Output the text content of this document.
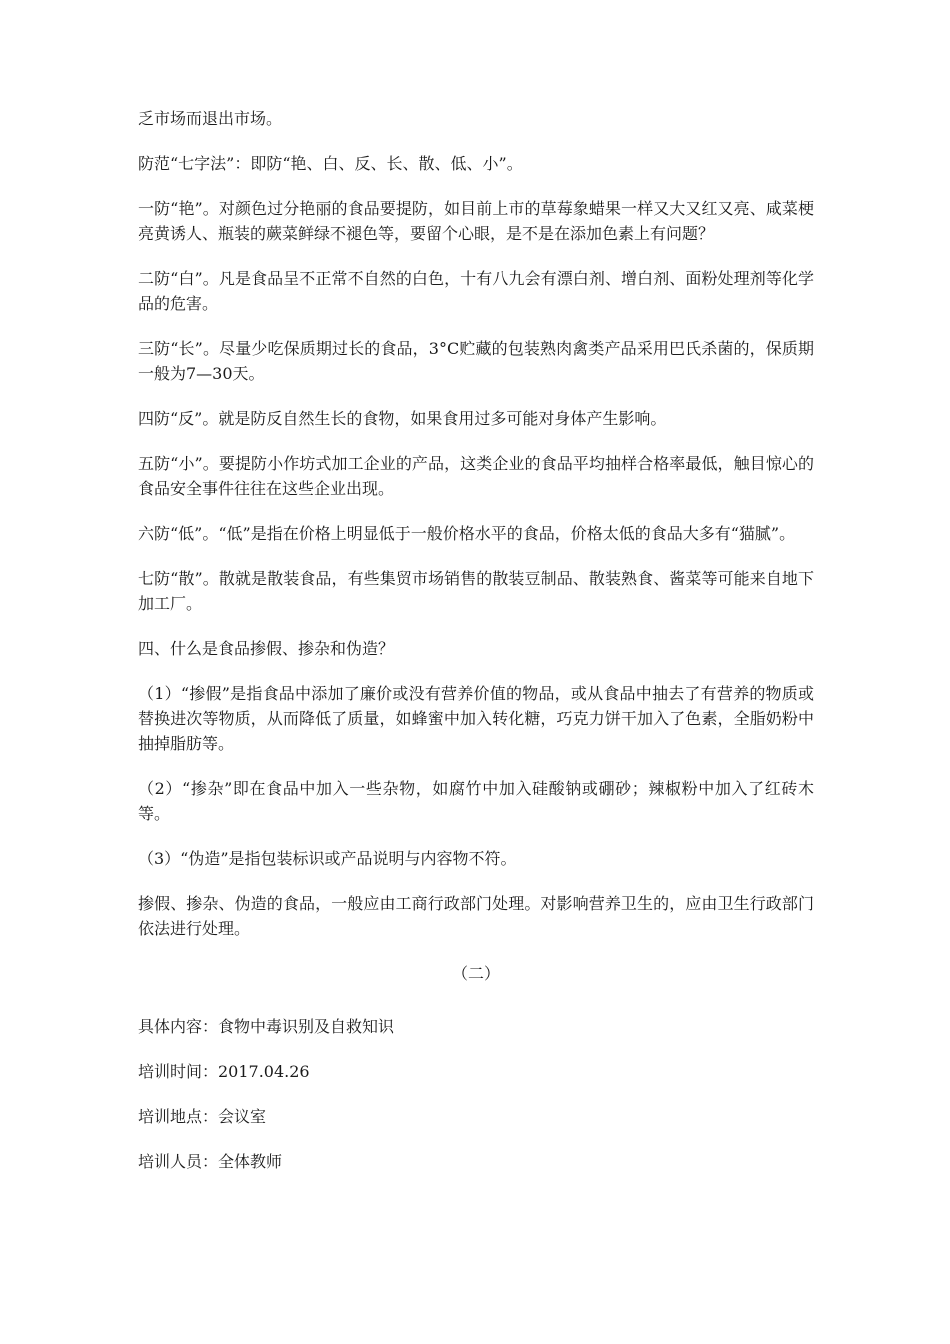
乏市场而退出市场。

防范“七字法”：即防“艳、白、反、长、散、低、小”。

一防“艳”。对颜色过分艳丽的食品要提防，如目前上市的草莓象蜡果一样又大又红又亮、咸菜梗亮黄诱人、瓶装的蕨菜鲜绿不褪色等，要留个心眼，是不是在添加色素上有问题？

二防“白”。凡是食品呈不正常不自然的白色，十有八九会有漂白剂、增白剂、面粉处理剂等化学品的危害。

三防“长”。尽量少吃保质期过长的食品，3°C贮藏的包装熟肉禽类产品采用巴氏杀菌的，保质期一般为7—30天。

四防“反”。就是防反自然生长的食物，如果食用过多可能对身体产生影响。

五防“小”。要提防小作坊式加工企业的产品，这类企业的食品平均抽样合格率最低，触目惊心的食品安全事件往往在这些企业出现。

六防“低”。“低”是指在价格上明显低于一般价格水平的食品，价格太低的食品大多有“猫腻”。

七防“散”。散就是散装食品，有些集贸市场销售的散装豆制品、散装熟食、酱菜等可能来自地下加工厂。

四、什么是食品掺假、掺杂和伪造？

（1）“掺假”是指食品中添加了廉价或没有营养价值的物品，或从食品中抽去了有营养的物质或替换进次等物质，从而降低了质量，如蜂蜜中加入转化糖，巧克力饼干加入了色素，全脂奶粉中抽掉脂肪等。

（2）“掺杂”即在食品中加入一些杂物，如腐竹中加入硅酸钠或硼砂；辣椒粉中加入了红砖木等。

（3）“伪造”是指包装标识或产品说明与内容物不符。

掺假、掺杂、伪造的食品，一般应由工商行政部门处理。对影响营养卫生的，应由卫生行政部门依法进行处理。

（二）

具体内容：食物中毒识别及自救知识

培训时间：2017.04.26

培训地点：会议室

培训人员：全体教师
